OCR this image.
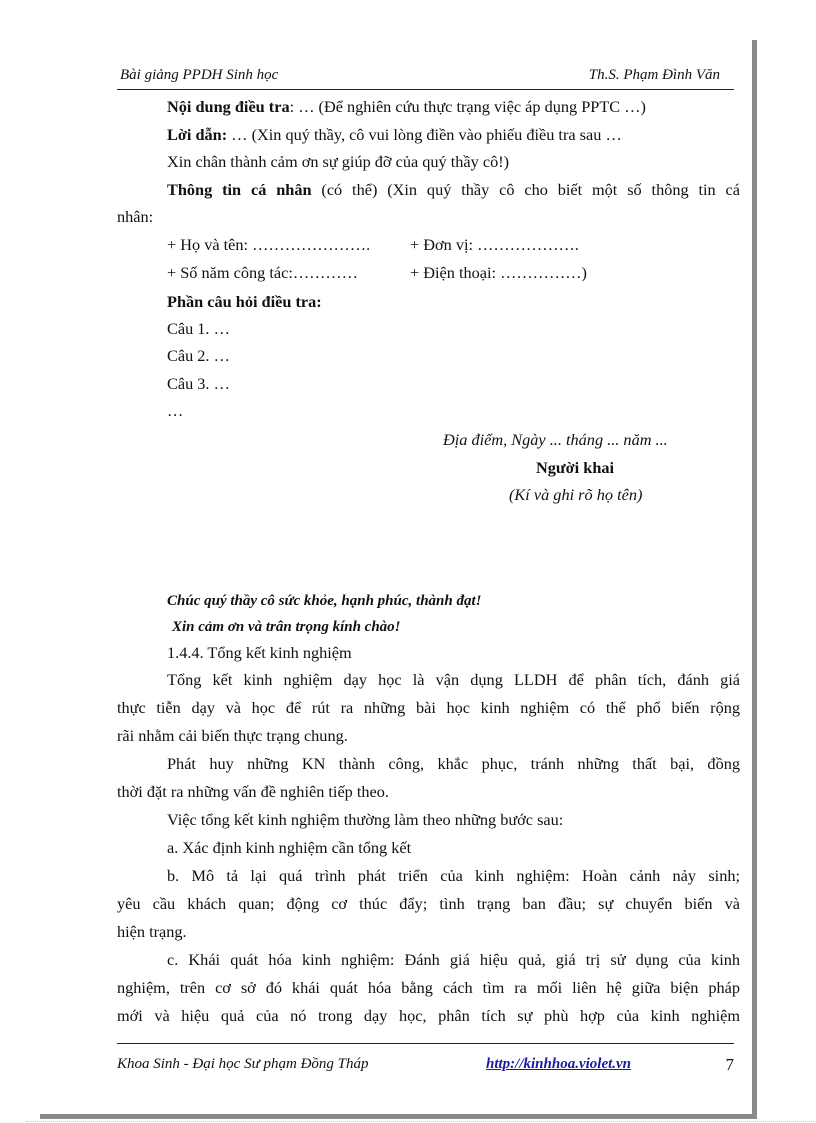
Bài giảng PPDH Sinh học	Th.S. Phạm Đình Văn
Nội dung điều tra: … (Để nghiên cứu thực trạng việc áp dụng PPTC …)
Lời dẫn: … (Xin quý thầy, cô vui lòng điền vào phiếu điều tra sau …
Xin chân thành cảm ơn sự giúp đỡ của quý thầy cô!)
Thông tin cá nhân (có thể) (Xin quý thầy cô cho biết một số thông tin cá
nhân:
+ Họ và tên: …………………. + Đơn vị: ……………….
+ Số năm công tác:…………	+ Điện thoại: ……………)
Phần câu hỏi điều tra:
Câu 1. …
Câu 2. …
Câu 3. …
…
Địa điểm, Ngày ... tháng ... năm ...
Người khai
(Kí và ghi rõ họ tên)
Chúc quý thầy cô sức khỏe, hạnh phúc, thành đạt!
Xin cảm ơn và trân trọng kính chào!
1.4.4. Tổng kết kinh nghiệm
Tổng kết kinh nghiệm dạy học là vận dụng LLDH để phân tích, đánh giá
thực tiễn dạy và học để rút ra những bài học kinh nghiệm có thể phổ biến rộng
rãi nhằm cải biến thực trạng chung.
Phát huy những KN thành công, khắc phục, tránh những thất bại, đồng
thời đặt ra những vấn đề nghiên tiếp theo.
Việc tổng kết kinh nghiệm thường làm theo những bước sau:
a. Xác định kinh nghiệm cần tổng kết
b. Mô tả lại quá trình phát triển của kinh nghiệm: Hoàn cảnh nảy sinh;
yêu cầu khách quan; động cơ thúc đẩy; tình trạng ban đầu; sự chuyển biến và
hiện trạng.
c. Khái quát hóa kinh nghiệm: Đánh giá hiệu quả, giá trị sử dụng của kinh
nghiệm, trên cơ sở đó khái quát hóa bằng cách tìm ra mối liên hệ giữa biện pháp
mới và hiệu quả của nó trong dạy học, phân tích sự phù hợp của kinh nghiệm
Khoa Sinh - Đại học Sư phạm Đồng Tháp	http://kinhhoa.violet.vn	7
